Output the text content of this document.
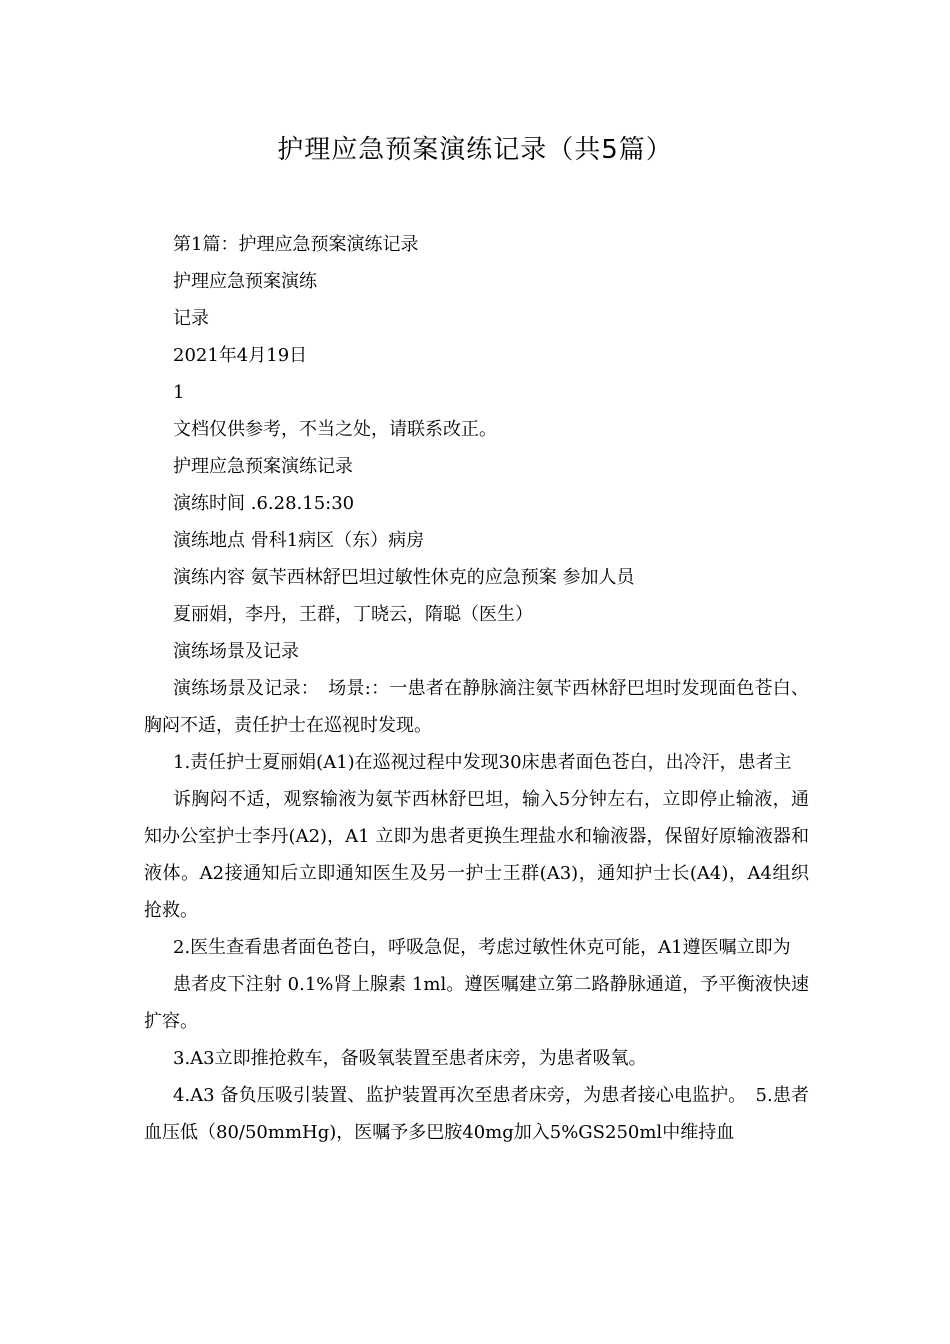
护理应急预案演练记录（共5篇）
第1篇：护理应急预案演练记录
护理应急预案演练
记录
2021年4月19日
1
文档仅供参考，不当之处，请联系改正。
护理应急预案演练记录
演练时间 .6.28.15:30
演练地点 骨科1病区（东）病房
演练内容 氨苄西林舒巴坦过敏性休克的应急预案 参加人员
夏丽娟，李丹，王群，丁晓云，隋聪（医生）
演练场景及记录
演练场景及记录：　场景:：一患者在静脉滴注氨苄西林舒巴坦时发现面色苍白、胸闷不适，责任护士在巡视时发现。
1.责任护士夏丽娟(A1)在巡视过程中发现30床患者面色苍白，出冷汗，患者主
诉胸闷不适，观察输液为氨苄西林舒巴坦，输入5分钟左右，立即停止输液，通知办公室护士李丹(A2)，A1 立即为患者更换生理盐水和输液器，保留好原输液器和液体。A2接通知后立即通知医生及另一护士王群(A3)，通知护士长(A4)，A4组织抢救。
2.医生查看患者面色苍白，呼吸急促，考虑过敏性休克可能，A1遵医嘱立即为
患者皮下注射 0.1%肾上腺素 1ml。遵医嘱建立第二路静脉通道，予平衡液快速扩容。
3.A3立即推抢救车，备吸氧装置至患者床旁，为患者吸氧。
4.A3 备负压吸引装置、监护装置再次至患者床旁，为患者接心电监护。　5.患者血压低（80/50mmHg)，医嘱予多巴胺40mg加入5%GS250ml中维持血
